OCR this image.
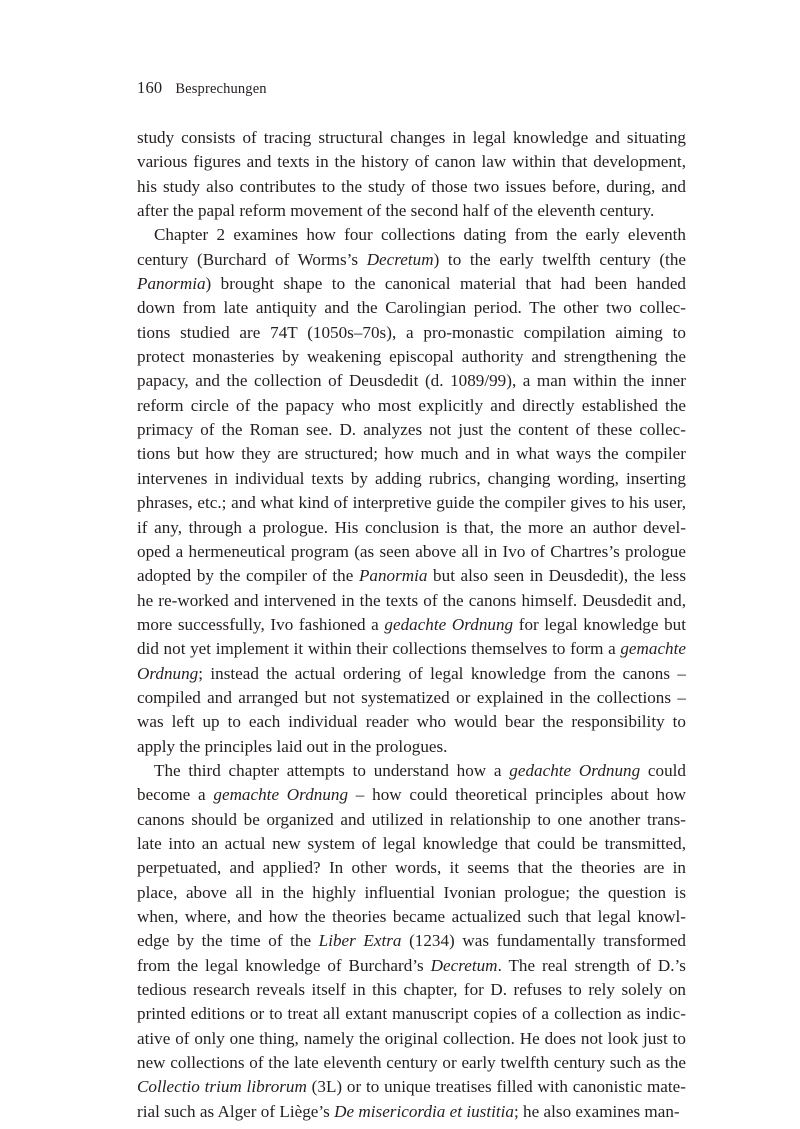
160 Besprechungen
study consists of tracing structural changes in legal knowledge and situating
various figures and texts in the history of canon law within that development,
his study also contributes to the study of those two issues before, during, and
after the papal reform movement of the second half of the eleventh century.
Chapter 2 examines how four collections dating from the early eleventh
century (Burchard of Worms’s Decretum) to the early twelfth century (the
Panormia) brought shape to the canonical material that had been handed
down from late antiquity and the Carolingian period. The other two collec-
tions studied are 74T (1050s–70s), a pro-monastic compilation aiming to
protect monasteries by weakening episcopal authority and strengthening the
papacy, and the collection of Deusdedit (d. 1089/99), a man within the inner
reform circle of the papacy who most explicitly and directly established the
primacy of the Roman see. D. analyzes not just the content of these collec-
tions but how they are structured; how much and in what ways the compiler
intervenes in individual texts by adding rubrics, changing wording, inserting
phrases, etc.; and what kind of interpretive guide the compiler gives to his user,
if any, through a prologue. His conclusion is that, the more an author devel-
oped a hermeneutical program (as seen above all in Ivo of Chartres’s prologue
adopted by the compiler of the Panormia but also seen in Deusdedit), the less
he re-worked and intervened in the texts of the canons himself. Deusdedit and,
more successfully, Ivo fashioned a gedachte Ordnung for legal knowledge but
did not yet implement it within their collections themselves to form a gemachte
Ordnung; instead the actual ordering of legal knowledge from the canons –
compiled and arranged but not systematized or explained in the collections –
was left up to each individual reader who would bear the responsibility to
apply the principles laid out in the prologues.
The third chapter attempts to understand how a gedachte Ordnung could
become a gemachte Ordnung – how could theoretical principles about how
canons should be organized and utilized in relationship to one another trans-
late into an actual new system of legal knowledge that could be transmitted,
perpetuated, and applied? In other words, it seems that the theories are in
place, above all in the highly influential Ivonian prologue; the question is
when, where, and how the theories became actualized such that legal knowl-
edge by the time of the Liber Extra (1234) was fundamentally transformed
from the legal knowledge of Burchard’s Decretum. The real strength of D.’s
tedious research reveals itself in this chapter, for D. refuses to rely solely on
printed editions or to treat all extant manuscript copies of a collection as indic-
ative of only one thing, namely the original collection. He does not look just to
new collections of the late eleventh century or early twelfth century such as the
Collectio trium librorum (3L) or to unique treatises filled with canonistic mate-
rial such as Alger of Liège’s De misericordia et iustitia; he also examines man-
